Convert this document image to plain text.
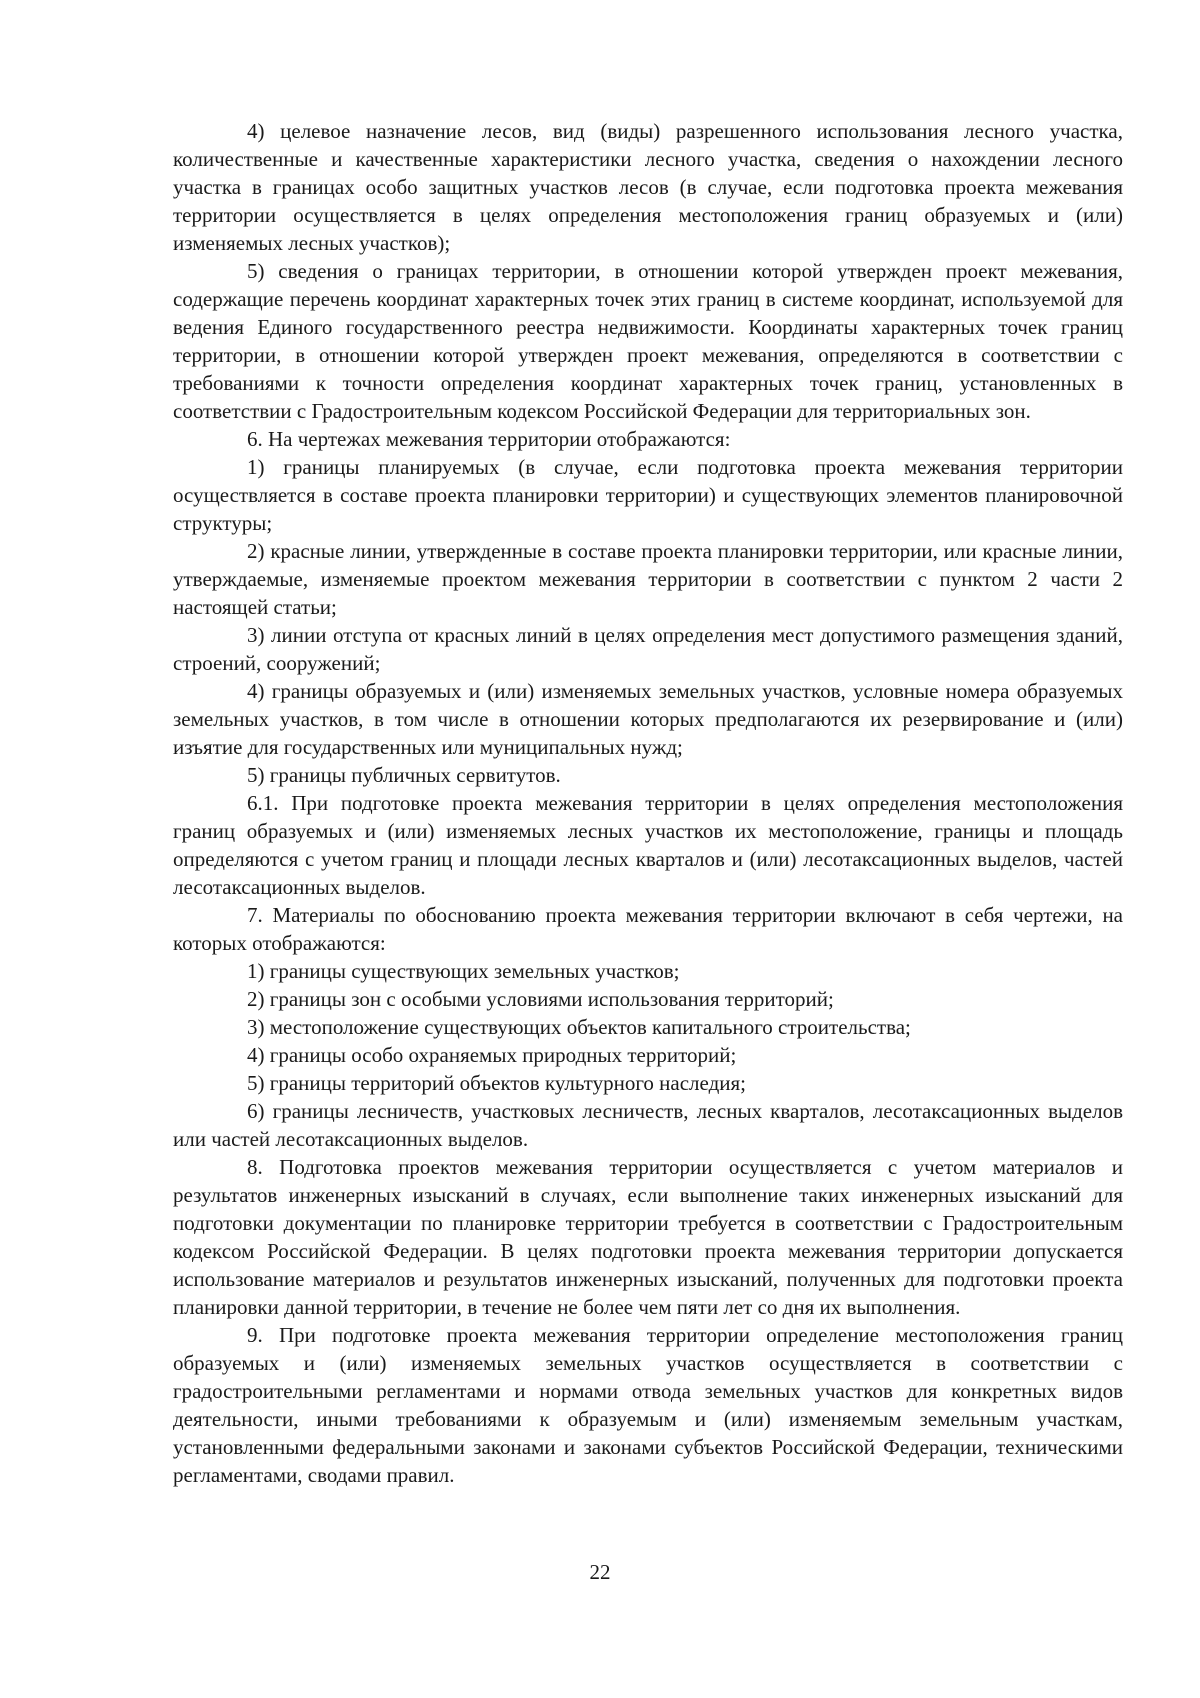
4) целевое назначение лесов, вид (виды) разрешенного использования лесного участка, количественные и качественные характеристики лесного участка, сведения о нахождении лесного участка в границах особо защитных участков лесов (в случае, если подготовка проекта межевания территории осуществляется в целях определения местоположения границ образуемых и (или) изменяемых лесных участков);

5) сведения о границах территории, в отношении которой утвержден проект межевания, содержащие перечень координат характерных точек этих границ в системе координат, используемой для ведения Единого государственного реестра недвижимости. Координаты характерных точек границ территории, в отношении которой утвержден проект межевания, определяются в соответствии с требованиями к точности определения координат характерных точек границ, установленных в соответствии с Градостроительным кодексом Российской Федерации для территориальных зон.

6. На чертежах межевания территории отображаются:

1) границы планируемых (в случае, если подготовка проекта межевания территории осуществляется в составе проекта планировки территории) и существующих элементов планировочной структуры;

2) красные линии, утвержденные в составе проекта планировки территории, или красные линии, утверждаемые, изменяемые проектом межевания территории в соответствии с пунктом 2 части 2 настоящей статьи;

3) линии отступа от красных линий в целях определения мест допустимого размещения зданий, строений, сооружений;

4) границы образуемых и (или) изменяемых земельных участков, условные номера образуемых земельных участков, в том числе в отношении которых предполагаются их резервирование и (или) изъятие для государственных или муниципальных нужд;

5) границы публичных сервитутов.

6.1. При подготовке проекта межевания территории в целях определения местоположения границ образуемых и (или) изменяемых лесных участков их местоположение, границы и площадь определяются с учетом границ и площади лесных кварталов и (или) лесотаксационных выделов, частей лесотаксационных выделов.

7. Материалы по обоснованию проекта межевания территории включают в себя чертежи, на которых отображаются:

1) границы существующих земельных участков;

2) границы зон с особыми условиями использования территорий;

3) местоположение существующих объектов капитального строительства;

4) границы особо охраняемых природных территорий;

5) границы территорий объектов культурного наследия;

6) границы лесничеств, участковых лесничеств, лесных кварталов, лесотаксационных выделов или частей лесотаксационных выделов.

8. Подготовка проектов межевания территории осуществляется с учетом материалов и результатов инженерных изысканий в случаях, если выполнение таких инженерных изысканий для подготовки документации по планировке территории требуется в соответствии с Градостроительным кодексом Российской Федерации. В целях подготовки проекта межевания территории допускается использование материалов и результатов инженерных изысканий, полученных для подготовки проекта планировки данной территории, в течение не более чем пяти лет со дня их выполнения.

9. При подготовке проекта межевания территории определение местоположения границ образуемых и (или) изменяемых земельных участков осуществляется в соответствии с градостроительными регламентами и нормами отвода земельных участков для конкретных видов деятельности, иными требованиями к образуемым и (или) изменяемым земельным участкам, установленными федеральными законами и законами субъектов Российской Федерации, техническими регламентами, сводами правил.

22
